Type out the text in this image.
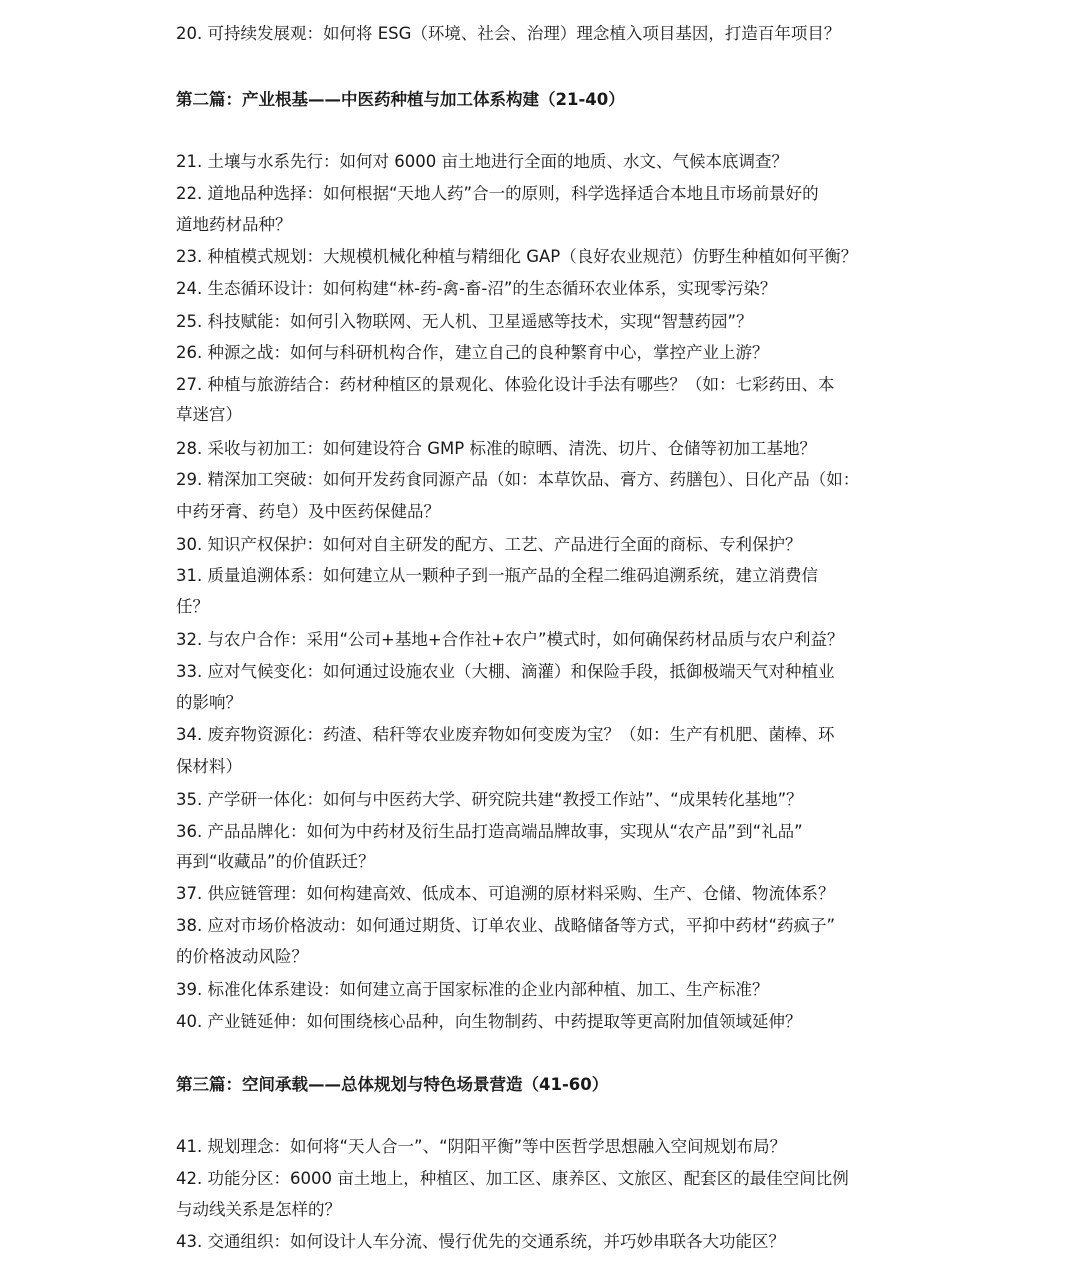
20. 可持续发展观：如何将 ESG（环境、社会、治理）理念植入项目基因，打造百年项目？
第二篇：产业根基——中医药种植与加工体系构建（21-40）
21. 土壤与水系先行：如何对 6000 亩土地进行全面的地质、水文、气候本底调查？
22. 道地品种选择：如何根据“天地人药”合一的原则，科学选择适合本地且市场前景好的
道地药材品种？
23. 种植模式规划：大规模机械化种植与精细化 GAP（良好农业规范）仿野生种植如何平衡？
24. 生态循环设计：如何构建“林-药-禽-畜-沼”的生态循环农业体系，实现零污染？
25. 科技赋能：如何引入物联网、无人机、卫星遥感等技术，实现“智慧药园”？
26. 种源之战：如何与科研机构合作，建立自己的良种繁育中心，掌控产业上游？
27. 种植与旅游结合：药材种植区的景观化、体验化设计手法有哪些？（如：七彩药田、本
草迷宫）
28. 采收与初加工：如何建设符合 GMP 标准的晾晒、清洗、切片、仓储等初加工基地？
29. 精深加工突破：如何开发药食同源产品（如：本草饮品、膏方、药膳包）、日化产品（如：
中药牙膏、药皂）及中医药保健品？
30. 知识产权保护：如何对自主研发的配方、工艺、产品进行全面的商标、专利保护？
31. 质量追溯体系：如何建立从一颗种子到一瓶产品的全程二维码追溯系统，建立消费信
任？
32. 与农户合作：采用“公司+基地+合作社+农户”模式时，如何确保药材品质与农户利益？
33. 应对气候变化：如何通过设施农业（大棚、滴灌）和保险手段，抵御极端天气对种植业
的影响？
34. 废弃物资源化：药渣、秸秆等农业废弃物如何变废为宝？（如：生产有机肥、菌棒、环
保材料）
35. 产学研一体化：如何与中医药大学、研究院共建“教授工作站”、“成果转化基地”？
36. 产品品牌化：如何为中药材及衍生品打造高端品牌故事，实现从“农产品”到“礼品”
再到“收藏品”的价值跃迁？
37. 供应链管理：如何构建高效、低成本、可追溯的原材料采购、生产、仓储、物流体系？
38. 应对市场价格波动：如何通过期货、订单农业、战略储备等方式，平抑中药材“药疯子”
的价格波动风险？
39. 标准化体系建设：如何建立高于国家标准的企业内部种植、加工、生产标准？
40. 产业链延伸：如何围绕核心品种，向生物制药、中药提取等更高附加值领域延伸？
第三篇：空间承载——总体规划与特色场景营造（41-60）
41. 规划理念：如何将“天人合一”、“阴阳平衡”等中医哲学思想融入空间规划布局？
42. 功能分区：6000 亩土地上，种植区、加工区、康养区、文旅区、配套区的最佳空间比例
与动线关系是怎样的？
43. 交通组织：如何设计人车分流、慢行优先的交通系统，并巧妙串联各大功能区？
